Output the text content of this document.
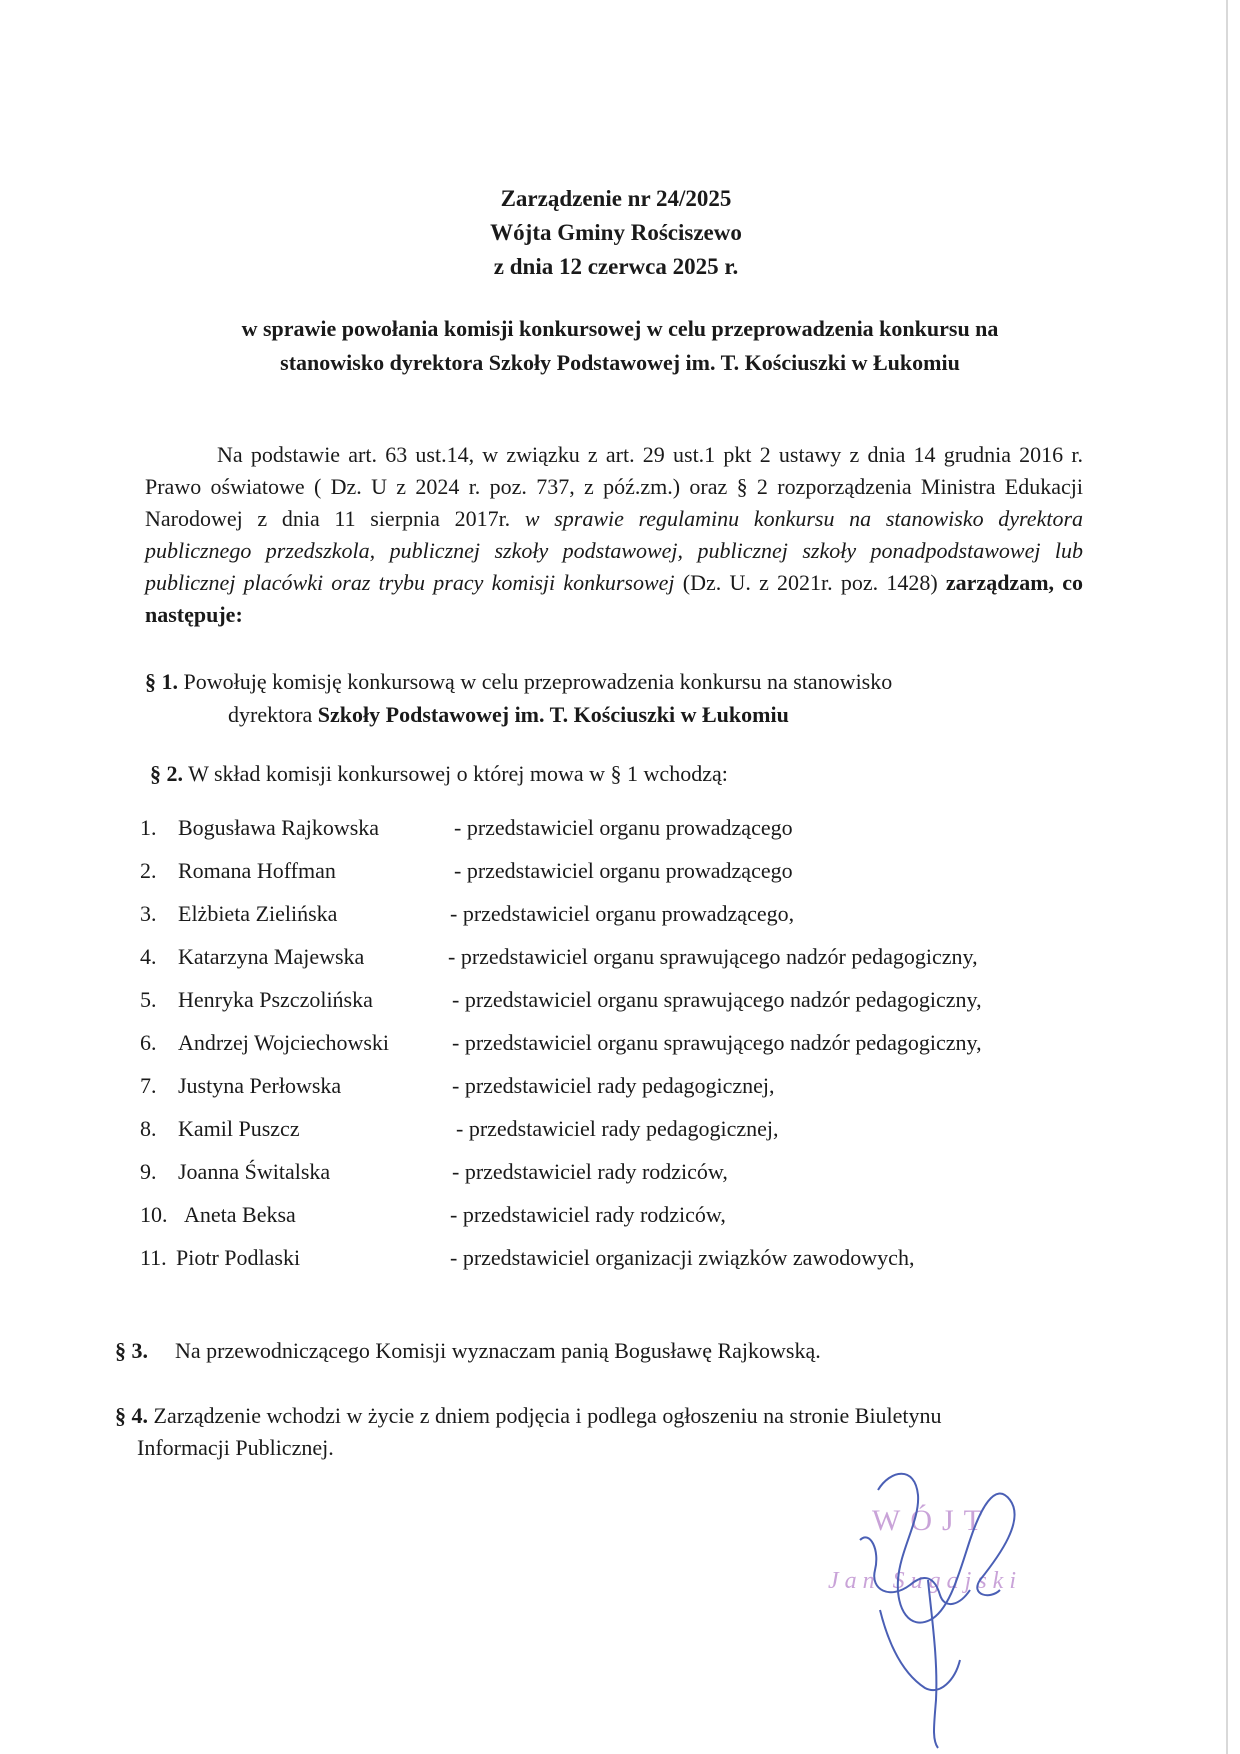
Zarządzenie nr 24/2025
Wójta Gminy Rościszewo
z dnia 12 czerwca 2025 r.
w sprawie powołania komisji konkursowej w celu przeprowadzenia konkursu na
stanowisko dyrektora Szkoły Podstawowej im. T. Kościuszki w Łukomiu
Na podstawie art. 63 ust.14, w związku z art. 29 ust.1 pkt 2 ustawy z dnia 14 grudnia 2016 r. Prawo oświatowe ( Dz. U z 2024 r. poz. 737, z póź.zm.) oraz § 2 rozporządzenia Ministra Edukacji Narodowej z dnia 11 sierpnia 2017r. w sprawie regulaminu konkursu na stanowisko dyrektora publicznego przedszkola, publicznej szkoły podstawowej, publicznej szkoły ponadpodstawowej lub publicznej placówki oraz trybu pracy komisji konkursowej (Dz. U. z 2021r. poz. 1428) zarządzam, co następuje:
§ 1. Powołuję komisję konkursową w celu przeprowadzenia konkursu na stanowisko
dyrektora Szkoły Podstawowej im. T. Kościuszki w Łukomiu
§ 2. W skład komisji konkursowej o której mowa w § 1 wchodzą:
1. Bogusława Rajkowska	- przedstawiciel organu prowadzącego
2. Romana Hoffman	- przedstawiciel organu prowadzącego
3. Elżbieta Zielińska	- przedstawiciel organu prowadzącego,
4. Katarzyna Majewska	- przedstawiciel organu sprawującego nadzór pedagogiczny,
5. Henryka Pszczolińska	- przedstawiciel organu sprawującego nadzór pedagogiczny,
6. Andrzej Wojciechowski	- przedstawiciel organu sprawującego nadzór pedagogiczny,
7. Justyna Perłowska	- przedstawiciel rady pedagogicznej,
8. Kamil Puszcz	- przedstawiciel rady pedagogicznej,
9. Joanna Świtalska	- przedstawiciel rady rodziców,
10. Aneta Beksa	- przedstawiciel rady rodziców,
11. Piotr Podlaski	- przedstawiciel organizacji związków zawodowych,
§ 3. Na przewodniczącego Komisji wyznaczam panią Bogusławę Rajkowską.
§ 4. Zarządzenie wchodzi w życie z dniem podjęcia i podlega ogłoszeniu na stronie Biuletynu
Informacji Publicznej.
WÓJT
Jan Sugajski
